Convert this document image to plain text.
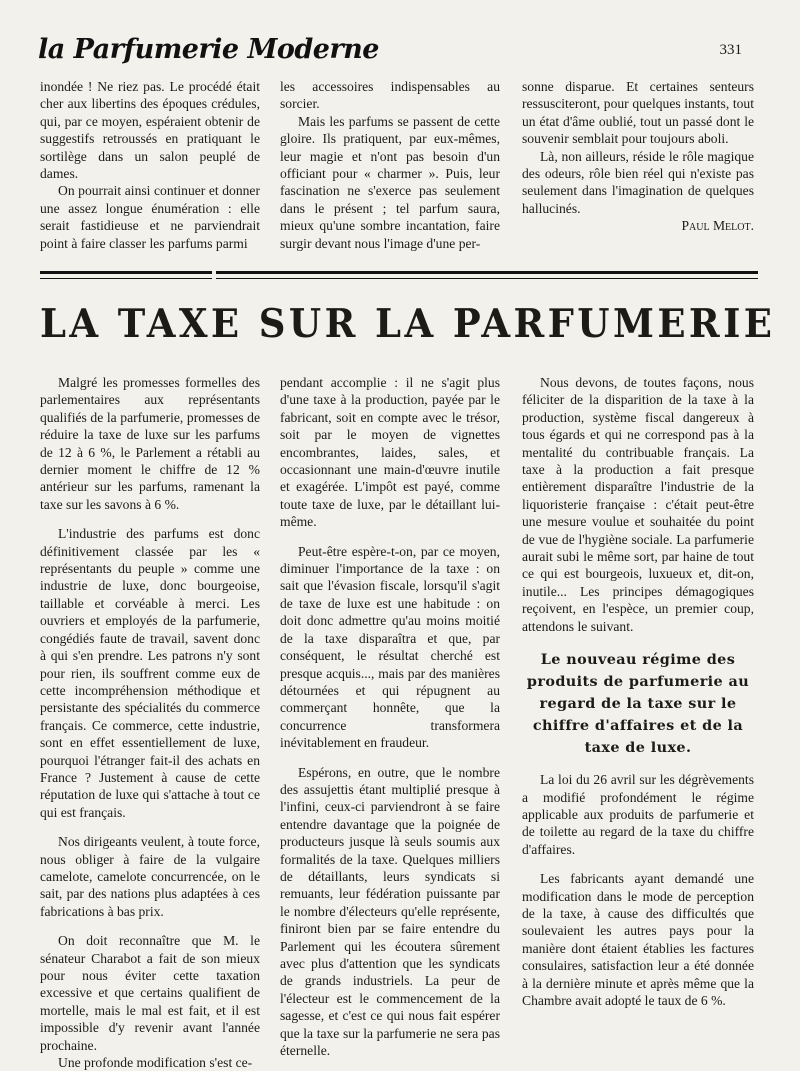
la Parfumerie Moderne	331

inondée ! Ne riez pas. Le procédé était cher aux libertins des époques crédules, qui, par ce moyen, espéraient obtenir de suggestifs retroussés en pratiquant le sortilège dans un salon peuplé de dames.

On pourrait ainsi continuer et donner une assez longue énumération : elle serait fastidieuse et ne parviendrait point à faire classer les parfums parmi

les accessoires indispensables au sorcier.

Mais les parfums se passent de cette gloire. Ils pratiquent, par eux-mêmes, leur magie et n'ont pas besoin d'un officiant pour « charmer ». Puis, leur fascination ne s'exerce pas seulement dans le présent ; tel parfum saura, mieux qu'une sombre incantation, faire surgir devant nous l'image d'une per-

sonne disparue. Et certaines senteurs ressusciteront, pour quelques instants, tout un état d'âme oublié, tout un passé dont le souvenir semblait pour toujours aboli.

Là, non ailleurs, réside le rôle magique des odeurs, rôle bien réel qui n'existe pas seulement dans l'imagination de quelques hallucinés.

Paul Melot.

LA TAXE SUR LA PARFUMERIE

Malgré les promesses formelles des parlementaires aux représentants qualifiés de la parfumerie, promesses de réduire la taxe de luxe sur les parfums de 12 à 6 %, le Parlement a rétabli au dernier moment le chiffre de 12 % antérieur sur les parfums, ramenant la taxe sur les savons à 6 %.

L'industrie des parfums est donc définitivement classée par les « représentants du peuple » comme une industrie de luxe, donc bourgeoise, taillable et corvéable à merci. Les ouvriers et employés de la parfumerie, congédiés faute de travail, savent donc à qui s'en prendre. Les patrons n'y sont pour rien, ils souffrent comme eux de cette incompréhension méthodique et persistante des spécialités du commerce français. Ce commerce, cette industrie, sont en effet essentiellement de luxe, pourquoi l'étranger fait-il des achats en France ? Justement à cause de cette réputation de luxe qui s'attache à tout ce qui est français.

Nos dirigeants veulent, à toute force, nous obliger à faire de la vulgaire camelote, camelote concurrencée, on le sait, par des nations plus adaptées à ces fabrications à bas prix.

On doit reconnaître que M. le sénateur Charabot a fait de son mieux pour nous éviter cette taxation excessive et que certains qualifient de mortelle, mais le mal est fait, et il est impossible d'y revenir avant l'année prochaine.

Une profonde modification s'est ce-

pendant accomplie : il ne s'agit plus d'une taxe à la production, payée par le fabricant, soit en compte avec le trésor, soit par le moyen de vignettes encombrantes, laides, sales, et occasionnant une main-d'œuvre inutile et exagérée. L'impôt est payé, comme toute taxe de luxe, par le détaillant lui-même.

Peut-être espère-t-on, par ce moyen, diminuer l'importance de la taxe : on sait que l'évasion fiscale, lorsqu'il s'agit de taxe de luxe est une habitude : on doit donc admettre qu'au moins moitié de la taxe disparaîtra et que, par conséquent, le résultat cherché est presque acquis..., mais par des manières détournées et qui répugnent au commerçant honnête, que la concurrence transformera inévitablement en fraudeur.

Espérons, en outre, que le nombre des assujettis étant multiplié presque à l'infini, ceux-ci parviendront à se faire entendre davantage que la poignée de producteurs jusque là seuls soumis aux formalités de la taxe. Quelques milliers de détaillants, leurs syndicats si remuants, leur fédération puissante par le nombre d'électeurs qu'elle représente, finiront bien par se faire entendre du Parlement qui les écoutera sûrement avec plus d'attention que les syndicats de grands industriels. La peur de l'électeur est le commencement de la sagesse, et c'est ce qui nous fait espérer que la taxe sur la parfumerie ne sera pas éternelle.

Nous devons, de toutes façons, nous féliciter de la disparition de la taxe à la production, système fiscal dangereux à tous égards et qui ne correspond pas à la mentalité du contribuable français. La taxe à la production a fait presque entièrement disparaître l'industrie de la liquoristerie française : c'était peut-être une mesure voulue et souhaitée du point de vue de l'hygiène sociale. La parfumerie aurait subi le même sort, par haine de tout ce qui est bourgeois, luxueux et, dit-on, inutile... Les principes démagogiques reçoivent, en l'espèce, un premier coup, attendons le suivant.

Le nouveau régime des produits de parfumerie au regard de la taxe sur le chiffre d'affaires et de la taxe de luxe.

La loi du 26 avril sur les dégrèvements a modifié profondément le régime applicable aux produits de parfumerie et de toilette au regard de la taxe du chiffre d'affaires.

Les fabricants ayant demandé une modification dans le mode de perception de la taxe, à cause des difficultés que soulevaient les autres pays pour la manière dont étaient établies les factures consulaires, satisfaction leur a été donnée à la dernière minute et après même que la Chambre avait adopté le taux de 6 %.
